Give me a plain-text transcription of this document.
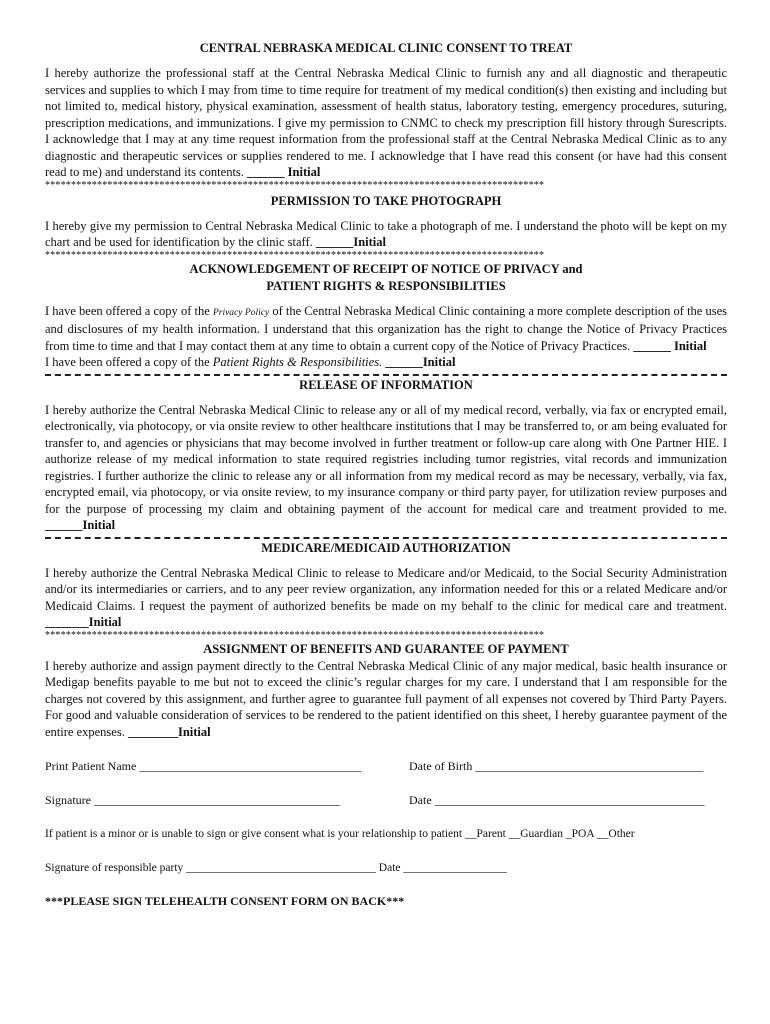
CENTRAL NEBRASKA MEDICAL CLINIC CONSENT TO TREAT

I hereby authorize the professional staff at the Central Nebraska Medical Clinic to furnish any and all diagnostic and therapeutic services and supplies to which I may from time to time require for treatment of my medical condition(s) then existing and including but not limited to, medical history, physical examination, assessment of health status, laboratory testing, emergency procedures, suturing, prescription medications, and immunizations. I give my permission to CNMC to check my prescription fill history through Surescripts. I acknowledge that I may at any time request information from the professional staff at the Central Nebraska Medical Clinic as to any diagnostic and therapeutic services or supplies rendered to me. I acknowledge that I have read this consent (or have had this consent read to me) and understand its contents. ______ Initial

************************************************************************************************
PERMISSION TO TAKE PHOTOGRAPH

I hereby give my permission to Central Nebraska Medical Clinic to take a photograph of me. I understand the photo will be kept on my chart and be used for identification by the clinic staff. ______Initial

************************************************************************************************
ACKNOWLEDGEMENT OF RECEIPT OF NOTICE OF PRIVACY and
PATIENT RIGHTS & RESPONSIBILITIES

I have been offered a copy of the Privacy Policy of the Central Nebraska Medical Clinic containing a more complete description of the uses and disclosures of my health information. I understand that this organization has the right to change the Notice of Privacy Practices from time to time and that I may contact them at any time to obtain a current copy of the Notice of Privacy Practices. ______ Initial

I have been offered a copy of the Patient Rights & Responsibilities. ______Initial

RELEASE OF INFORMATION

I hereby authorize the Central Nebraska Medical Clinic to release any or all of my medical record, verbally, via fax or encrypted email, electronically, via photocopy, or via onsite review to other healthcare institutions that I may be transferred to, or am being evaluated for transfer to, and agencies or physicians that may become involved in further treatment or follow-up care along with One Partner HIE. I authorize release of my medical information to state required registries including tumor registries, vital records and immunization registries. I further authorize the clinic to release any or all information from my medical record as may be necessary, verbally, via fax, encrypted email, via photocopy, or via onsite review, to my insurance company or third party payer, for utilization review purposes and for the purpose of processing my claim and obtaining payment of the account for medical care and treatment provided to me. ______Initial

MEDICARE/MEDICAID AUTHORIZATION

I hereby authorize the Central Nebraska Medical Clinic to release to Medicare and/or Medicaid, to the Social Security Administration and/or its intermediaries or carriers, and to any peer review organization, any information needed for this or a related Medicare and/or Medicaid Claims. I request the payment of authorized benefits be made on my behalf to the clinic for medical care and treatment. _______Initial

************************************************************************************************
ASSIGNMENT OF BENEFITS AND GUARANTEE OF PAYMENT

I hereby authorize and assign payment directly to the Central Nebraska Medical Clinic of any major medical, basic health insurance or Medigap benefits payable to me but not to exceed the clinic’s regular charges for my care. I understand that I am responsible for the charges not covered by this assignment, and further agree to guarantee full payment of all expenses not covered by Third Party Payers. For good and valuable consideration of services to be rendered to the patient identified on this sheet, I hereby guarantee payment of the entire expenses. ________Initial

Print Patient Name _____________________________________	Date of Birth ______________________________________
Signature _________________________________________	Date _____________________________________________
If patient is a minor or is unable to sign or give consent what is your relationship to patient __Parent __Guardian _POA __Other
Signature of responsible party _________________________________ Date __________________
***PLEASE SIGN TELEHEALTH CONSENT FORM ON BACK***
